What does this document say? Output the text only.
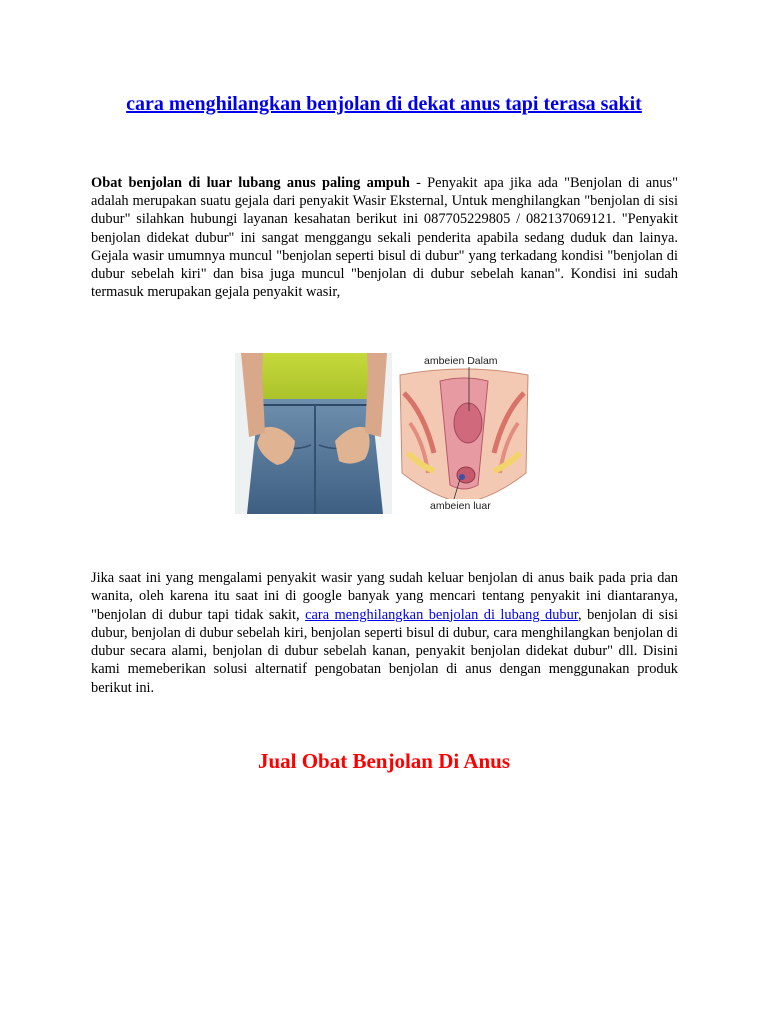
cara menghilangkan benjolan di dekat anus tapi terasa sakit

Obat benjolan di luar lubang anus paling ampuh - Penyakit apa jika ada "Benjolan di anus" adalah merupakan suatu gejala dari penyakit Wasir Eksternal, Untuk menghilangkan "benjolan di sisi dubur" silahkan hubungi layanan kesahatan berikut ini 087705229805 / 082137069121. "Penyakit benjolan didekat dubur" ini sangat menggangu sekali penderita apabila sedang duduk dan lainya. Gejala wasir umumnya muncul "benjolan seperti bisul di dubur" yang terkadang kondisi "benjolan di dubur sebelah kiri" dan bisa juga muncul "benjolan di dubur sebelah kanan". Kondisi ini sudah termasuk merupakan gejala penyakit wasir,

ambeien Dalam
ambeien luar

Jika saat ini yang mengalami penyakit wasir yang sudah keluar benjolan di anus baik pada pria dan wanita, oleh karena itu saat ini di google banyak yang mencari tentang penyakit ini diantaranya, "benjolan di dubur tapi tidak sakit, cara menghilangkan benjolan di lubang dubur, benjolan di sisi dubur, benjolan di dubur sebelah kiri, benjolan seperti bisul di dubur, cara menghilangkan benjolan di dubur secara alami, benjolan di dubur sebelah kanan, penyakit benjolan didekat dubur" dll. Disini kami memeberikan solusi alternatif pengobatan benjolan di anus dengan menggunakan produk berikut ini.

Jual Obat Benjolan Di Anus
